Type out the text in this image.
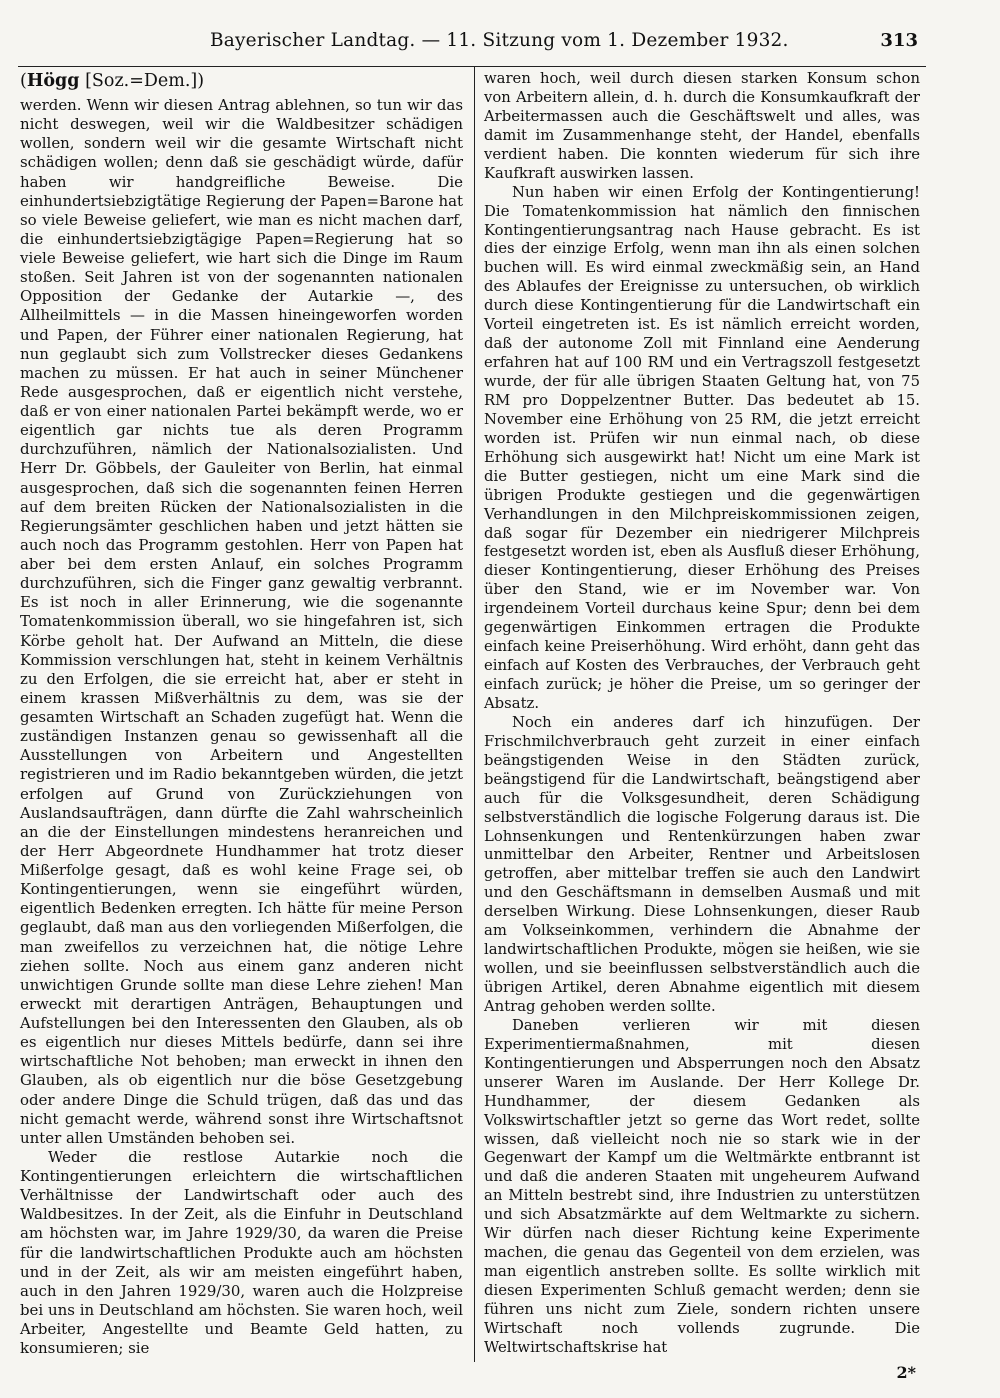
Bayerischer Landtag. — 11. Sitzung vom 1. Dezember 1932.	313

(Högg [Soz.=Dem.])

werden. Wenn wir diesen Antrag ablehnen, so tun wir das nicht deswegen, weil wir die Waldbesitzer schädigen wollen, sondern weil wir die gesamte Wirtschaft nicht schädigen wollen; denn daß sie geschädigt würde, dafür haben wir handgreifliche Beweise. Die einhundertsiebzigtätige Regierung der Papen=Barone hat so viele Beweise geliefert, wie man es nicht machen darf, die einhundertsiebzigtägige Papen=Regierung hat so viele Beweise geliefert, wie hart sich die Dinge im Raum stoßen. Seit Jahren ist von der sogenannten nationalen Opposition der Gedanke der Autarkie —, des Allheilmittels — in die Massen hineingeworfen worden und Papen, der Führer einer nationalen Regierung, hat nun geglaubt sich zum Vollstrecker dieses Gedankens machen zu müssen. Er hat auch in seiner Münchener Rede ausgesprochen, daß er eigentlich nicht verstehe, daß er von einer nationalen Partei bekämpft werde, wo er eigentlich gar nichts tue als deren Programm durchzuführen, nämlich der Nationalsozialisten. Und Herr Dr. Göbbels, der Gauleiter von Berlin, hat einmal ausgesprochen, daß sich die sogenannten feinen Herren auf dem breiten Rücken der Nationalsozialisten in die Regierungsämter geschlichen haben und jetzt hätten sie auch noch das Programm gestohlen. Herr von Papen hat aber bei dem ersten Anlauf, ein solches Programm durchzuführen, sich die Finger ganz gewaltig verbrannt. Es ist noch in aller Erinnerung, wie die sogenannte Tomatenkommission überall, wo sie hingefahren ist, sich Körbe geholt hat. Der Aufwand an Mitteln, die diese Kommission verschlungen hat, steht in keinem Verhältnis zu den Erfolgen, die sie erreicht hat, aber er steht in einem krassen Mißverhältnis zu dem, was sie der gesamten Wirtschaft an Schaden zugefügt hat. Wenn die zuständigen Instanzen genau so gewissenhaft all die Ausstellungen von Arbeitern und Angestellten registrieren und im Radio bekanntgeben würden, die jetzt erfolgen auf Grund von Zurückziehungen von Auslandsaufträgen, dann dürfte die Zahl wahrscheinlich an die der Einstellungen mindestens heranreichen und der Herr Abgeordnete Hundhammer hat trotz dieser Mißerfolge gesagt, daß es wohl keine Frage sei, ob Kontingentierungen, wenn sie eingeführt würden, eigentlich Bedenken erregten. Ich hätte für meine Person geglaubt, daß man aus den vorliegenden Mißerfolgen, die man zweifellos zu verzeichnen hat, die nötige Lehre ziehen sollte. Noch aus einem ganz anderen nicht unwichtigen Grunde sollte man diese Lehre ziehen! Man erweckt mit derartigen Anträgen, Behauptungen und Aufstellungen bei den Interessenten den Glauben, als ob es eigentlich nur dieses Mittels bedürfe, dann sei ihre wirtschaftliche Not behoben; man erweckt in ihnen den Glauben, als ob eigentlich nur die böse Gesetzgebung oder andere Dinge die Schuld trügen, daß das und das nicht gemacht werde, während sonst ihre Wirtschaftsnot unter allen Umständen behoben sei.

Weder die restlose Autarkie noch die Kontingentierungen erleichtern die wirtschaftlichen Verhältnisse der Landwirtschaft oder auch des Waldbesitzes. In der Zeit, als die Einfuhr in Deutschland am höchsten war, im Jahre 1929/30, da waren die Preise für die landwirtschaftlichen Produkte auch am höchsten und in der Zeit, als wir am meisten eingeführt haben, auch in den Jahren 1929/30, waren auch die Holzpreise bei uns in Deutschland am höchsten. Sie waren hoch, weil Arbeiter, Angestellte und Beamte Geld hatten, zu konsumieren; sie

waren hoch, weil durch diesen starken Konsum schon von Arbeitern allein, d. h. durch die Konsumkaufkraft der Arbeitermassen auch die Geschäftswelt und alles, was damit im Zusammenhange steht, der Handel, ebenfalls verdient haben. Die konnten wiederum für sich ihre Kaufkraft auswirken lassen.

Nun haben wir einen Erfolg der Kontingentierung! Die Tomatenkommission hat nämlich den finnischen Kontingentierungsantrag nach Hause gebracht. Es ist dies der einzige Erfolg, wenn man ihn als einen solchen buchen will. Es wird einmal zweckmäßig sein, an Hand des Ablaufes der Ereignisse zu untersuchen, ob wirklich durch diese Kontingentierung für die Landwirtschaft ein Vorteil eingetreten ist. Es ist nämlich erreicht worden, daß der autonome Zoll mit Finnland eine Aenderung erfahren hat auf 100 RM und ein Vertragszoll festgesetzt wurde, der für alle übrigen Staaten Geltung hat, von 75 RM pro Doppelzentner Butter. Das bedeutet ab 15. November eine Erhöhung von 25 RM, die jetzt erreicht worden ist. Prüfen wir nun einmal nach, ob diese Erhöhung sich ausgewirkt hat! Nicht um eine Mark ist die Butter gestiegen, nicht um eine Mark sind die übrigen Produkte gestiegen und die gegenwärtigen Verhandlungen in den Milchpreiskommissionen zeigen, daß sogar für Dezember ein niedrigerer Milchpreis festgesetzt worden ist, eben als Ausfluß dieser Erhöhung, dieser Kontingentierung, dieser Erhöhung des Preises über den Stand, wie er im November war. Von irgendeinem Vorteil durchaus keine Spur; denn bei dem gegenwärtigen Einkommen ertragen die Produkte einfach keine Preiserhöhung. Wird erhöht, dann geht das einfach auf Kosten des Verbrauches, der Verbrauch geht einfach zurück; je höher die Preise, um so geringer der Absatz.

Noch ein anderes darf ich hinzufügen. Der Frischmilchverbrauch geht zurzeit in einer einfach beängstigenden Weise in den Städten zurück, beängstigend für die Landwirtschaft, beängstigend aber auch für die Volksgesundheit, deren Schädigung selbstverständlich die logische Folgerung daraus ist. Die Lohnsenkungen und Rentenkürzungen haben zwar unmittelbar den Arbeiter, Rentner und Arbeitslosen getroffen, aber mittelbar treffen sie auch den Landwirt und den Geschäftsmann in demselben Ausmaß und mit derselben Wirkung. Diese Lohnsenkungen, dieser Raub am Volkseinkommen, verhindern die Abnahme der landwirtschaftlichen Produkte, mögen sie heißen, wie sie wollen, und sie beeinflussen selbstverständlich auch die übrigen Artikel, deren Abnahme eigentlich mit diesem Antrag gehoben werden sollte.

Daneben verlieren wir mit diesen Experimentiermaßnahmen, mit diesen Kontingentierungen und Absperrungen noch den Absatz unserer Waren im Auslande. Der Herr Kollege Dr. Hundhammer, der diesem Gedanken als Volkswirtschaftler jetzt so gerne das Wort redet, sollte wissen, daß vielleicht noch nie so stark wie in der Gegenwart der Kampf um die Weltmärkte entbrannt ist und daß die anderen Staaten mit ungeheurem Aufwand an Mitteln bestrebt sind, ihre Industrien zu unterstützen und sich Absatzmärkte auf dem Weltmarkte zu sichern. Wir dürfen nach dieser Richtung keine Experimente machen, die genau das Gegenteil von dem erzielen, was man eigentlich anstreben sollte. Es sollte wirklich mit diesen Experimenten Schluß gemacht werden; denn sie führen uns nicht zum Ziele, sondern richten unsere Wirtschaft noch vollends zugrunde. Die Weltwirtschaftskrise hat

2*
